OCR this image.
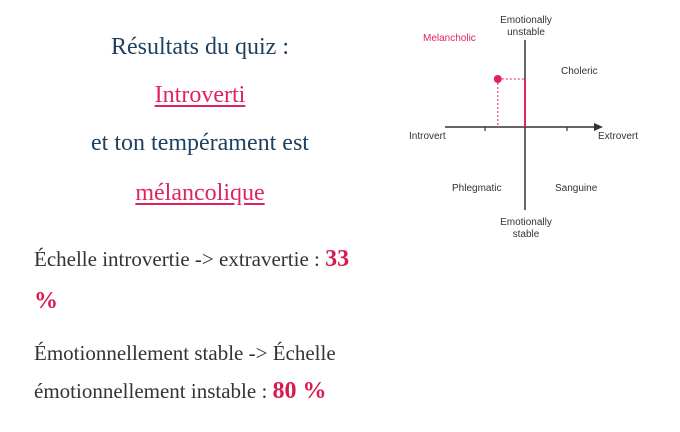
Résultats du quiz :
Introverti
et ton tempérament est
mélancolique
Échelle introvertie -> extravertie : 33 %
Émotionnellement stable -> Échelle
émotionnellement instable : 80 %
Emotionally
unstable
Emotionally
stable
Introvert	Extrovert
Melancholic
Choleric
Phlegmatic	Sanguine
